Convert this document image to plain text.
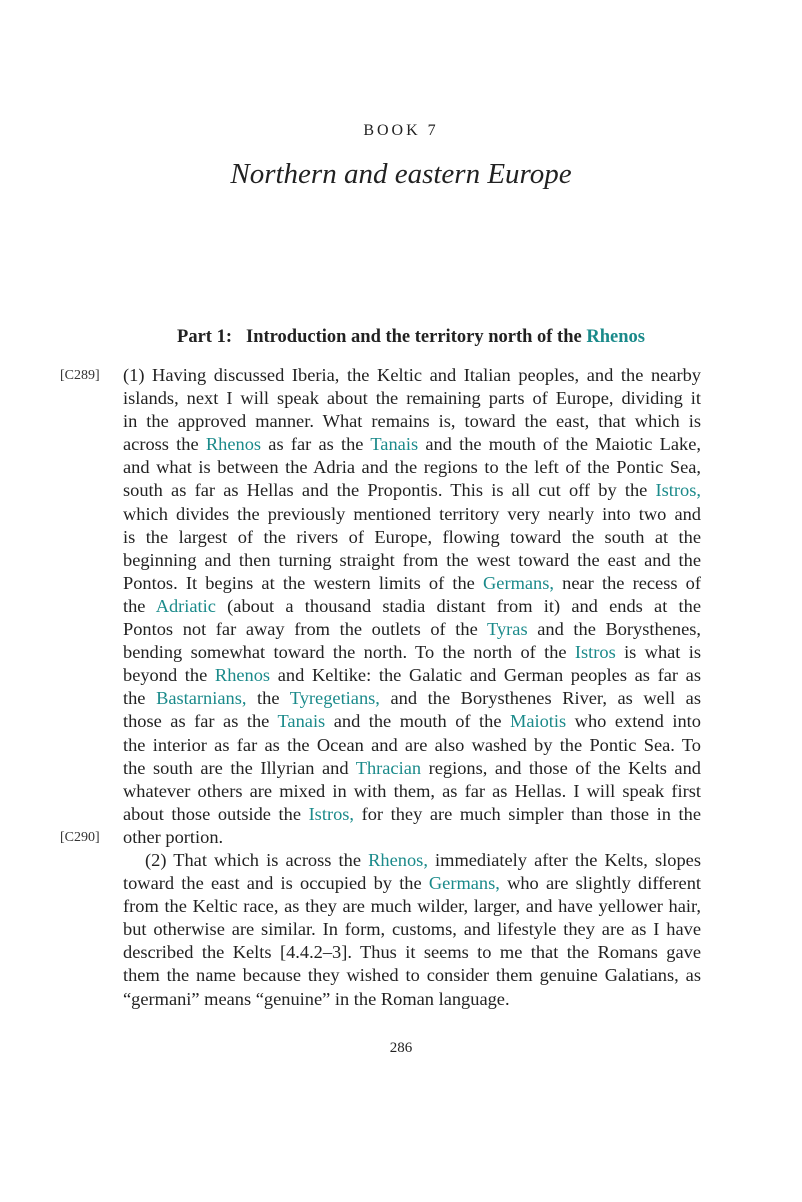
BOOK 7
Northern and eastern Europe
Part 1: Introduction and the territory north of the Rhenos
[C289]
[C290]
(1) Having discussed Iberia, the Keltic and Italian peoples, and the nearby
islands, next I will speak about the remaining parts of Europe, dividing it
in the approved manner. What remains is, toward the east, that which is
across the Rhenos as far as the Tanais and the mouth of the Maiotic Lake,
and what is between the Adria and the regions to the left of the Pontic Sea,
south as far as Hellas and the Propontis. This is all cut off by the Istros,
which divides the previously mentioned territory very nearly into two and
is the largest of the rivers of Europe, flowing toward the south at the
beginning and then turning straight from the west toward the east and the
Pontos. It begins at the western limits of the Germans, near the recess of
the Adriatic (about a thousand stadia distant from it) and ends at the
Pontos not far away from the outlets of the Tyras and the Borysthenes,
bending somewhat toward the north. To the north of the Istros is what is
beyond the Rhenos and Keltike: the Galatic and German peoples as far as
the Bastarnians, the Tyregetians, and the Borysthenes River, as well as
those as far as the Tanais and the mouth of the Maiotis who extend into
the interior as far as the Ocean and are also washed by the Pontic Sea. To
the south are the Illyrian and Thracian regions, and those of the Kelts and
whatever others are mixed in with them, as far as Hellas. I will speak first
about those outside the Istros, for they are much simpler than those in the
other portion.
(2) That which is across the Rhenos, immediately after the Kelts, slopes
toward the east and is occupied by the Germans, who are slightly different
from the Keltic race, as they are much wilder, larger, and have yellower hair,
but otherwise are similar. In form, customs, and lifestyle they are as I have
described the Kelts [4.4.2–3]. Thus it seems to me that the Romans gave
them the name because they wished to consider them genuine Galatians, as
“germani” means “genuine” in the Roman language.
286
